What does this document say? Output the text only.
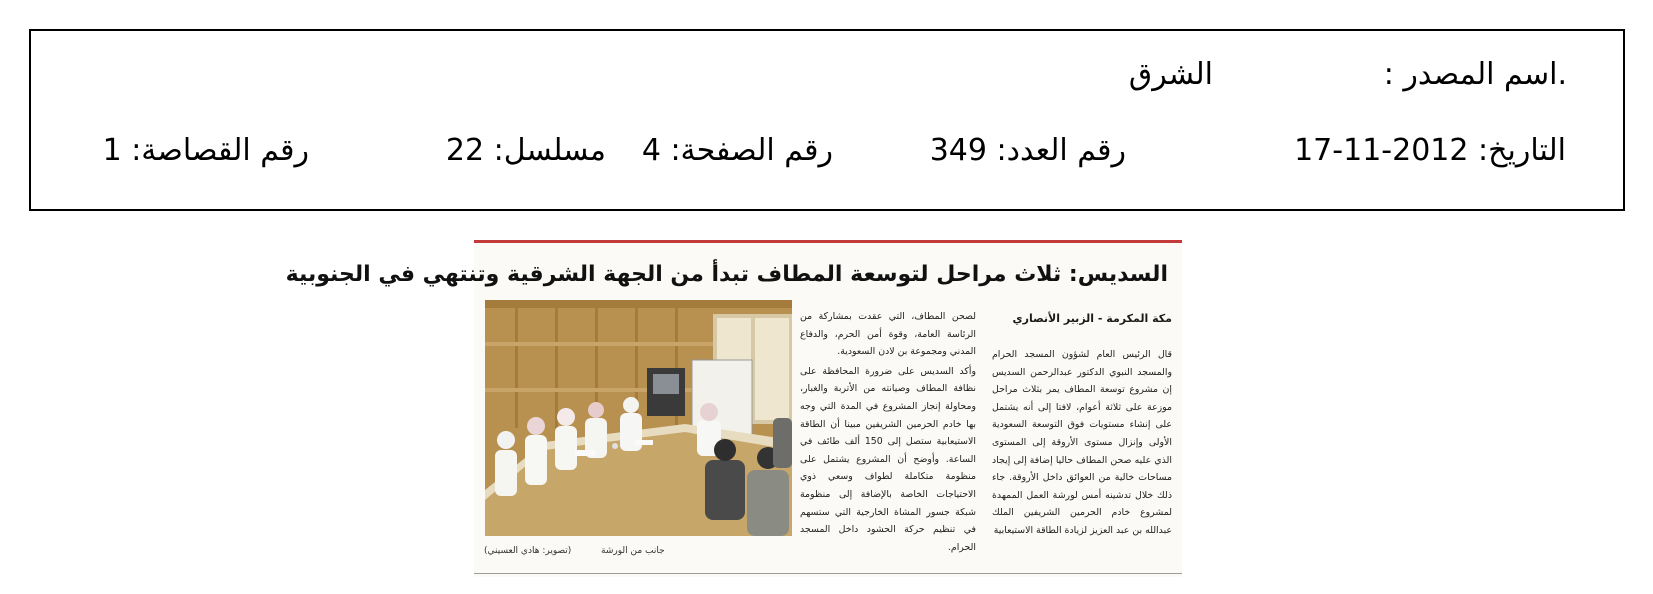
.اسم المصدر :
الشرق
التاريخ: 2012-11-17
رقم العدد: 349
رقم الصفحة: 4
مسلسل: 22
رقم القصاصة: 1
السديس: ثلاث مراحل لتوسعة المطاف تبدأ من الجهة الشرقية وتنتهي في الجنوبية
مكة المكرمة - الزبير الأنصاري

قال الرئيس العام لشؤون المسجد الحرام والمسجد النبوي الدكتور عبدالرحمن السديس إن مشروع توسعة المطاف يمر بثلاث مراحل موزعة على ثلاثة أعوام، لافتا إلى أنه يشتمل على إنشاء مستويات فوق التوسعة السعودية الأولى وإنزال مستوى الأروقة إلى المستوى الذي عليه صحن المطاف حاليا إضافة إلى إيجاد مساحات خالية من العوائق داخل الأروقة. جاء ذلك خلال تدشينه أمس لورشة العمل الممهدة لمشروع خادم الحرمين الشريفين الملك عبدالله بن عبد العزيز لزيادة الطاقة الاستيعابية

لصحن المطاف، التي عقدت بمشاركة من الرئاسة العامة، وقوة أمن الحرم، والدفاع المدني ومجموعة بن لادن السعودية.

وأكد السديس على ضرورة المحافظة على نظافة المطاف وصيانته من الأتربة والغبار، ومحاولة إنجاز المشروع في المدة التي وجه بها خادم الحرمين الشريفين مبينا أن الطاقة الاستيعابية ستصل إلى 150 ألف طائف في الساعة. وأوضح أن المشروع يشتمل على منظومة متكاملة لطواف وسعي ذوي الاحتياجات الخاصة بالإضافة إلى منظومة شبكة جسور المشاة الخارجية التي ستسهم في تنظيم حركة الحشود داخل المسجد الحرام.

جانب من الورشة
(تصوير: هادي العسيني)
